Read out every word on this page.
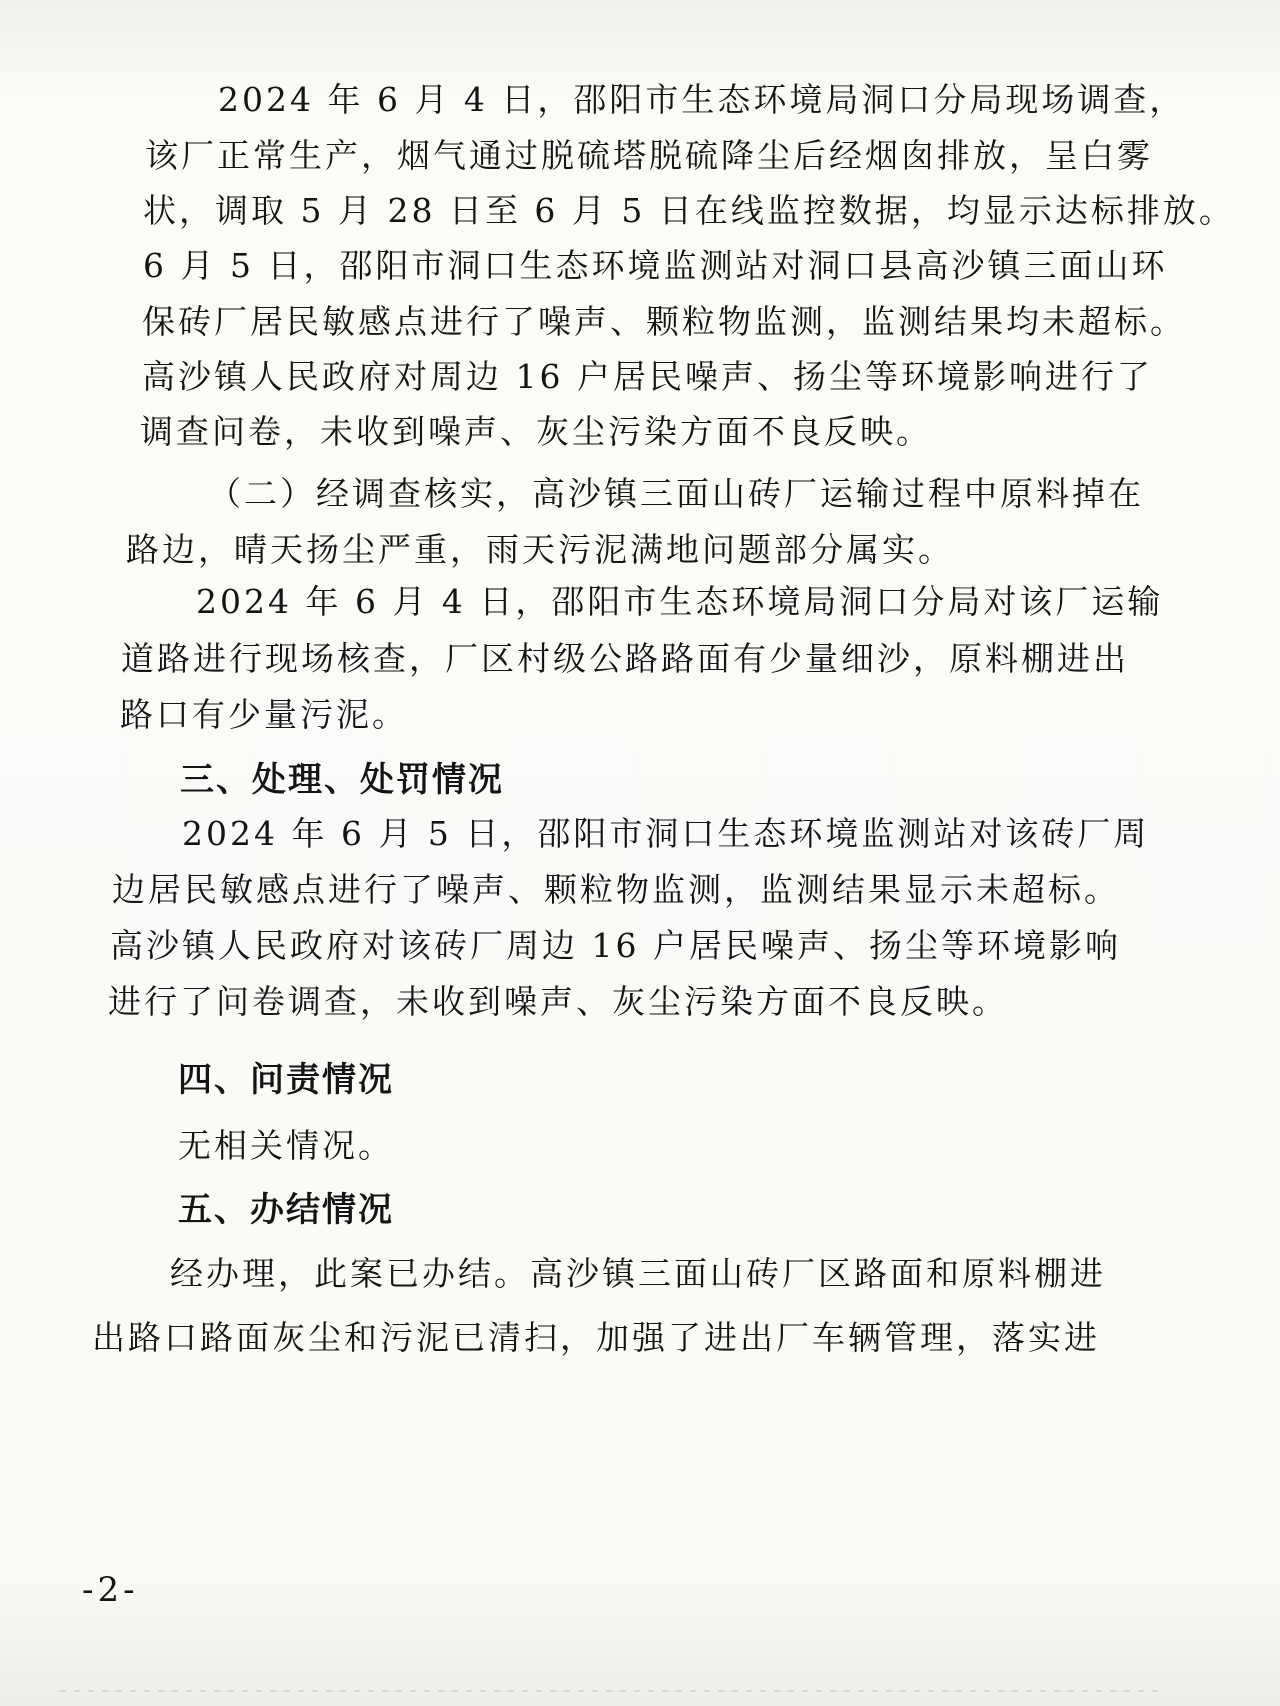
2024 年 6 月 4 日，邵阳市生态环境局洞口分局现场调查，
该厂正常生产，烟气通过脱硫塔脱硫降尘后经烟囱排放，呈白雾
状，调取 5 月 28 日至 6 月 5 日在线监控数据，均显示达标排放。
6 月 5 日，邵阳市洞口生态环境监测站对洞口县高沙镇三面山环
保砖厂居民敏感点进行了噪声、颗粒物监测，监测结果均未超标。
高沙镇人民政府对周边 16 户居民噪声、扬尘等环境影响进行了
调查问卷，未收到噪声、灰尘污染方面不良反映。
（二）经调查核实，高沙镇三面山砖厂运输过程中原料掉在
路边，晴天扬尘严重，雨天污泥满地问题部分属实。
2024 年 6 月 4 日，邵阳市生态环境局洞口分局对该厂运输
道路进行现场核查，厂区村级公路路面有少量细沙，原料棚进出
路口有少量污泥。
三、处理、处罚情况
2024 年 6 月 5 日，邵阳市洞口生态环境监测站对该砖厂周
边居民敏感点进行了噪声、颗粒物监测，监测结果显示未超标。
高沙镇人民政府对该砖厂周边 16 户居民噪声、扬尘等环境影响
进行了问卷调查，未收到噪声、灰尘污染方面不良反映。
四、问责情况
无相关情况。
五、办结情况
经办理，此案已办结。高沙镇三面山砖厂区路面和原料棚进
出路口路面灰尘和污泥已清扫，加强了进出厂车辆管理，落实进
-2-
